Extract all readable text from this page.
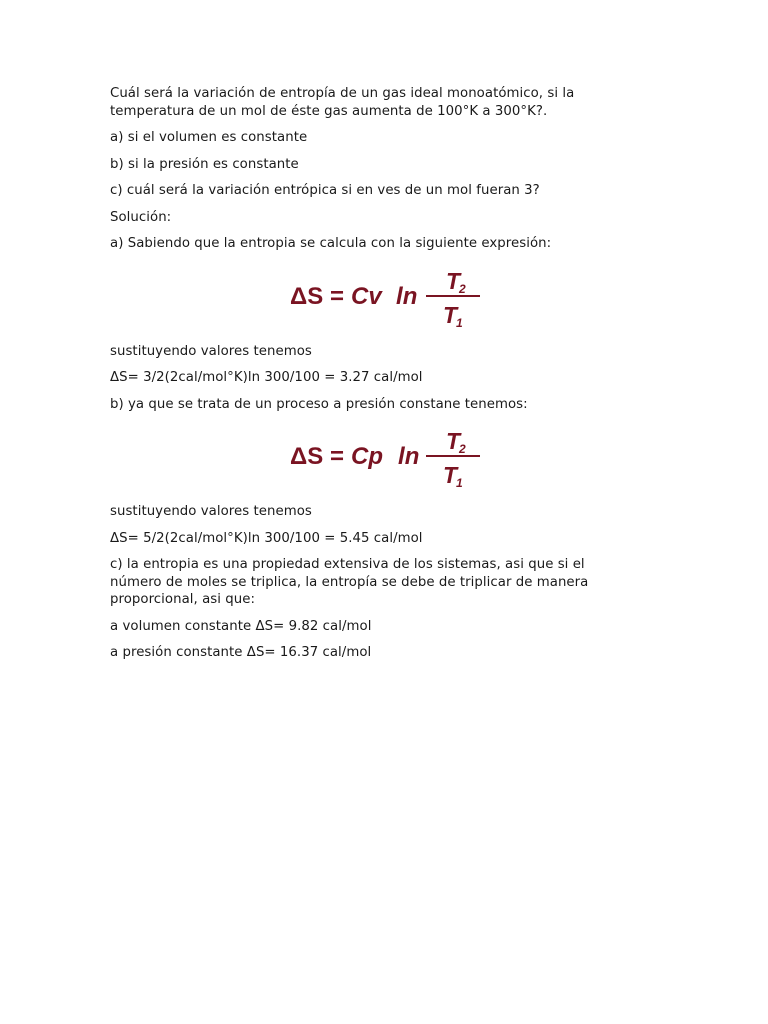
Cuál será la variación de entropía de un gas ideal monoatómico, si la
temperatura de un mol de éste gas aumenta de 100°K a 300°K?.

a) si el volumen es constante

b) si la presión es constante

c) cuál será la variación entrópica si en ves de un mol fueran 3?

Solución:

a) Sabiendo que la entropia se calcula con la siguiente expresión:

ΔS = Cv ln
T
2
T
1

sustituyendo valores tenemos

ΔS= 3/2(2cal/mol°K)ln 300/100 = 3.27 cal/mol

b) ya que se trata de un proceso a presión constane tenemos:

ΔS = Cp ln
T
2
T
1

sustituyendo valores tenemos

ΔS= 5/2(2cal/mol°K)ln 300/100 = 5.45 cal/mol

c) la entropia es una propiedad extensiva de los sistemas, asi que si el
número de moles se triplica, la entropía se debe de triplicar de manera
proporcional, asi que:

a volumen constante ΔS= 9.82 cal/mol

a presión constante ΔS= 16.37 cal/mol
